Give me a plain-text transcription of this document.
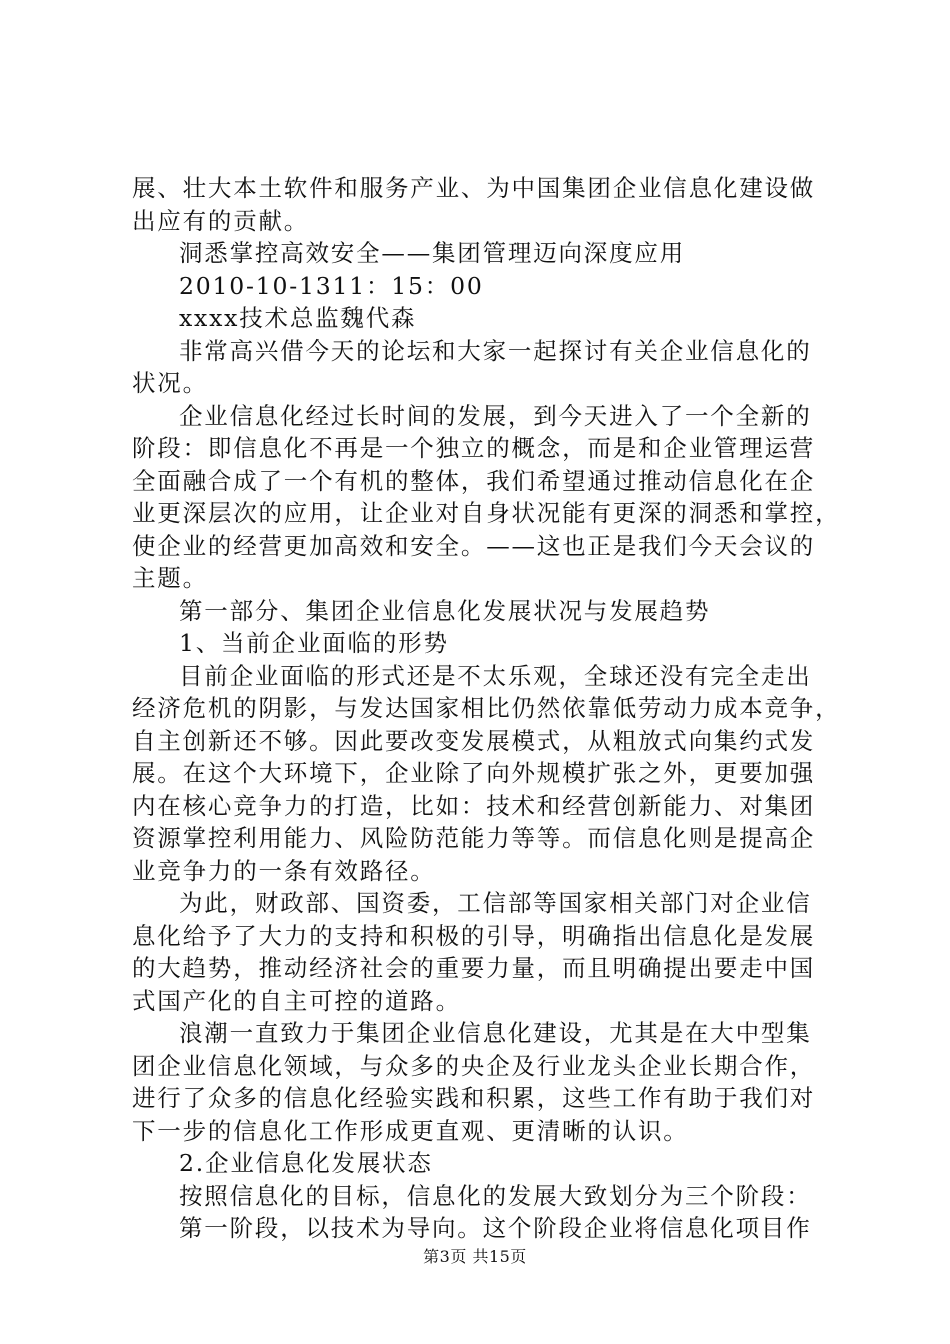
展、壮大本土软件和服务产业、为中国集团企业信息化建设做
出应有的贡献。
洞悉掌控高效安全——集团管理迈向深度应用
2010-10-1311：15：00
xxxx技术总监魏代森
非常高兴借今天的论坛和大家一起探讨有关企业信息化的
状况。
企业信息化经过长时间的发展，到今天进入了一个全新的
阶段：即信息化不再是一个独立的概念，而是和企业管理运营
全面融合成了一个有机的整体，我们希望通过推动信息化在企
业更深层次的应用，让企业对自身状况能有更深的洞悉和掌控，
使企业的经营更加高效和安全。——这也正是我们今天会议的
主题。
第一部分、集团企业信息化发展状况与发展趋势
1、当前企业面临的形势
目前企业面临的形式还是不太乐观，全球还没有完全走出
经济危机的阴影，与发达国家相比仍然依靠低劳动力成本竞争，
自主创新还不够。因此要改变发展模式，从粗放式向集约式发
展。在这个大环境下，企业除了向外规模扩张之外，更要加强
内在核心竞争力的打造，比如：技术和经营创新能力、对集团
资源掌控利用能力、风险防范能力等等。而信息化则是提高企
业竞争力的一条有效路径。
为此，财政部、国资委，工信部等国家相关部门对企业信
息化给予了大力的支持和积极的引导，明确指出信息化是发展
的大趋势，推动经济社会的重要力量，而且明确提出要走中国
式国产化的自主可控的道路。
浪潮一直致力于集团企业信息化建设，尤其是在大中型集
团企业信息化领域，与众多的央企及行业龙头企业长期合作，
进行了众多的信息化经验实践和积累，这些工作有助于我们对
下一步的信息化工作形成更直观、更清晰的认识。
2.企业信息化发展状态
按照信息化的目标，信息化的发展大致划分为三个阶段：
第一阶段，以技术为导向。这个阶段企业将信息化项目作
第3页 共15页
